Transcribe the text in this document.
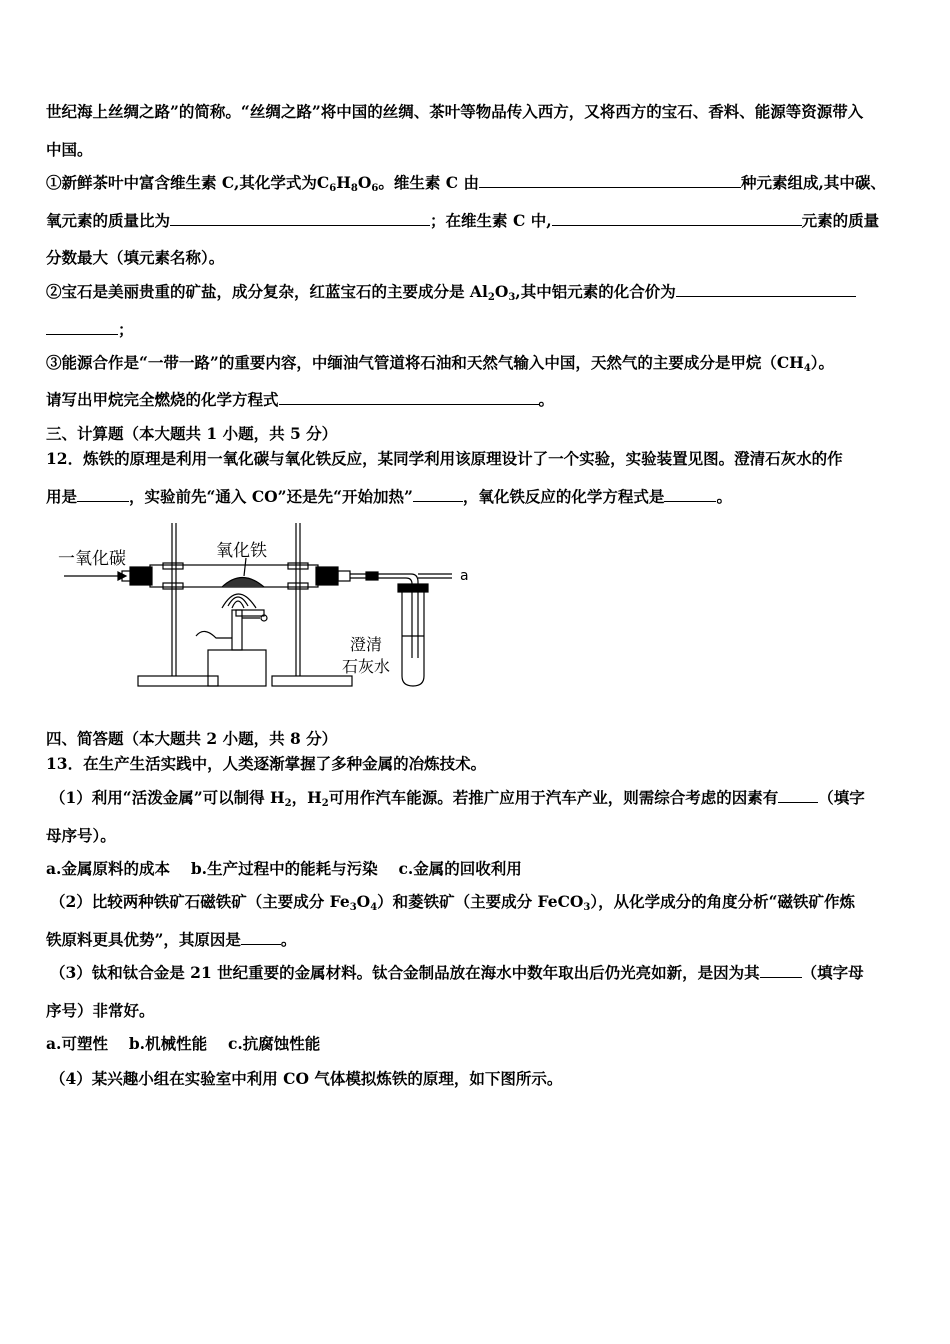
世纪海上丝绸之路”的简称。“丝绸之路”将中国的丝绸、茶叶等物品传入西方，又将西方的宝石、香料、能源等资源带入
中国。
①新鲜茶叶中富含维生素 C,其化学式为$C_6H_8O_6$。维生素 C 由	种元素组成,其中碳、
氧元素的质量比为	；在维生素 C 中,	元素的质量
分数最大（填元素名称）。
②宝石是美丽贵重的矿盐，成分复杂，红蓝宝石的主要成分是 $Al_2O_3$,其中铝元素的化合价为
；
③能源合作是“一带一路”的重要内容，中缅油气管道将石油和天然气输入中国，天然气的主要成分是甲烷$(CH_4)$。
请写出甲烷完全燃烧的化学方程式	。
三、计算题（本大题共 1 小题，共 5 分）
12．炼铁的原理是利用一氧化碳与氧化铁反应，某同学利用该原理设计了一个实验，实验装置见图。澄清石灰水的作
用是	，实验前先“通入 CO”还是先“开始加热”	，氧化铁反应的化学方程式是	。
一氧化碳	氧化铁
a
澄清
石灰水
四、简答题（本大题共 2 小题，共 8 分）
13．在生产生活实践中，人类逐渐掌握了多种金属的冶炼技术。
（1）利用“活泼金属”可以制得 $H_2$，$H_2$可用作汽车能源。若推广应用于汽车产业，则需综合考虑的因素有	（填字
母序号）。
a.金属原料的成本　 b.生产过程中的能耗与污染　 c.金属的回收利用
（2）比较两种铁矿石磁铁矿（主要成分 $Fe_3O_4$）和菱铁矿（主要成分 FeCO$_3$），从化学成分的角度分析“磁铁矿作炼
铁原料更具优势”，其原因是	。
（3）钛和钛合金是 21 世纪重要的金属材料。钛合金制品放在海水中数年取出后仍光亮如新，是因为其	（填字母
序号）非常好。
a.可塑性　 b.机械性能　 c.抗腐蚀性能
（4）某兴趣小组在实验室中利用 CO 气体模拟炼铁的原理，如下图所示。
